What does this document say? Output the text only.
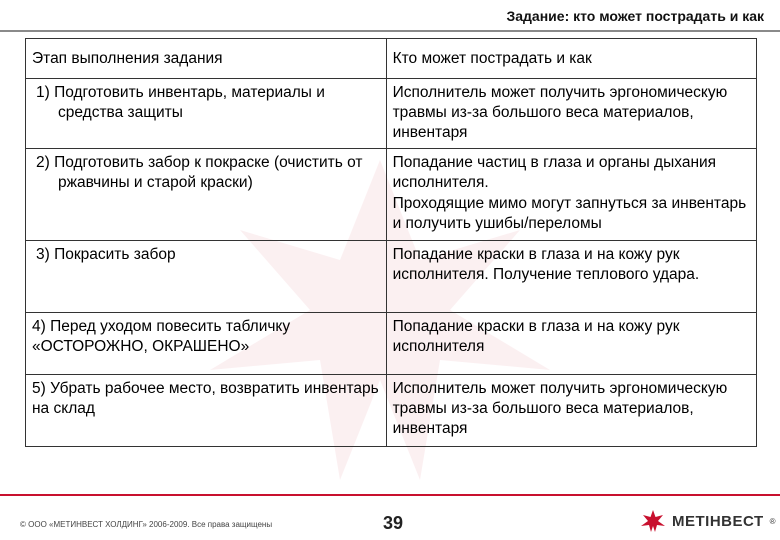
Задание: кто может пострадать и как
Этап выполнения задания	Кто может пострадать и как

1) Подготовить инвентарь, материалы и средства защиты	Исполнитель может получить эргономическую травмы из-за большого веса материалов, инвентаря

2) Подготовить забор к покраске (очистить от ржавчины и старой краски)	Попадание частиц в глаза и органы дыхания исполнителя.
Проходящие мимо могут запнуться за инвентарь и получить ушибы/переломы

3) Покрасить забор	Попадание краски в глаза и на кожу рук исполнителя. Получение теплового удара.

4) Перед уходом повесить табличку «ОСТОРОЖНО, ОКРАШЕНО»	Попадание краски в глаза и на кожу рук исполнителя

5) Убрать рабочее место, возвратить инвентарь на склад	Исполнитель может получить эргономическую травмы из-за большого веса материалов, инвентаря
© ООО «МЕТИНВЕСТ ХОЛДИНГ» 2006-2009. Все права защищены	39	МЕТІНВЕСТ ®
